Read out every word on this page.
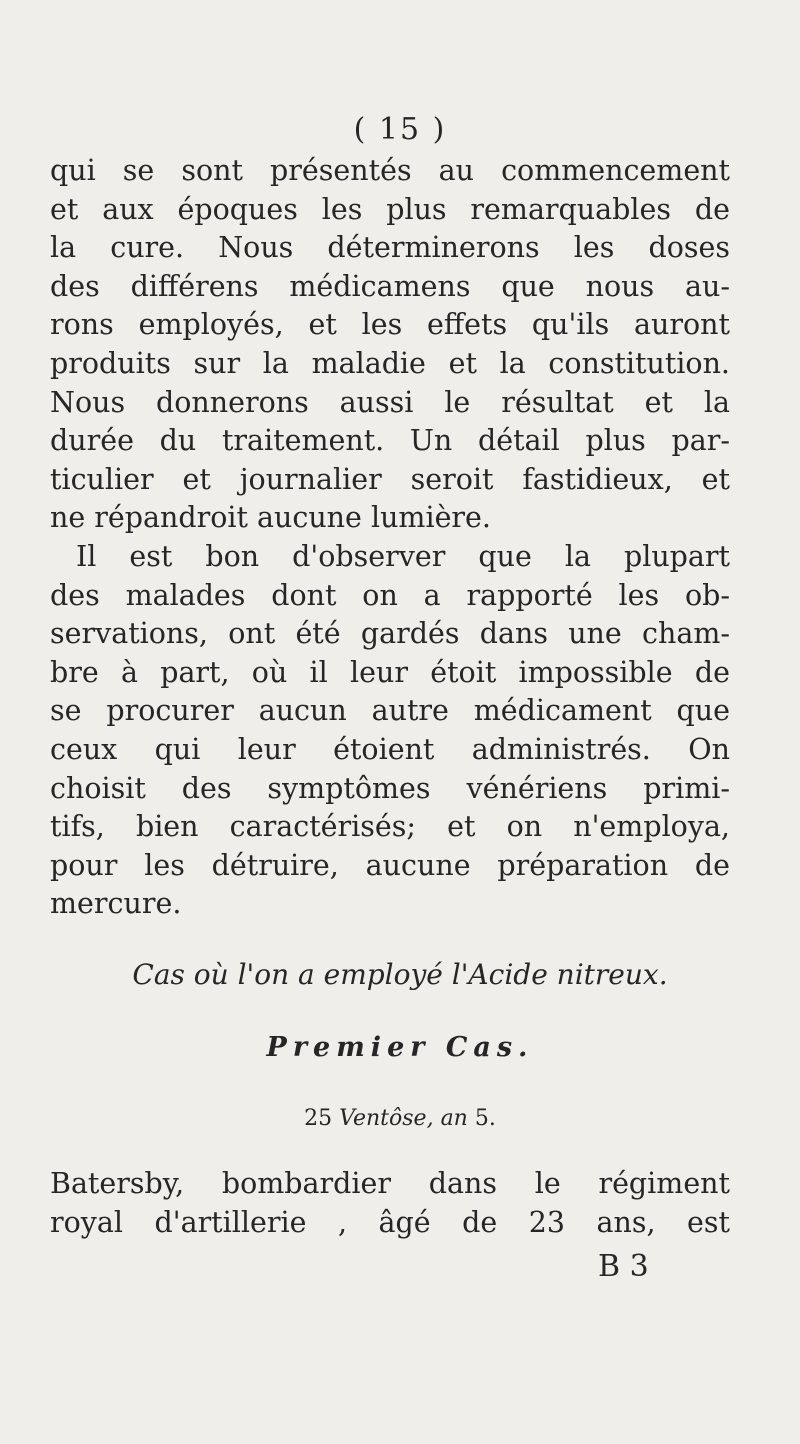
( 15 )
qui se sont présentés au commencement
et aux époques les plus remarquables de
la cure. Nous déterminerons les doses
des différens médicamens que nous au-
rons employés, et les effets qu'ils auront
produits sur la maladie et la constitution.
Nous donnerons aussi le résultat et la
durée du traitement. Un détail plus par-
ticulier et journalier seroit fastidieux, et
ne répandroit aucune lumière.
Il est bon d'observer que la plupart
des malades dont on a rapporté les ob-
servations, ont été gardés dans une cham-
bre à part, où il leur étoit impossible de
se procurer aucun autre médicament que
ceux qui leur étoient administrés. On
choisit des symptômes vénériens primi-
tifs, bien caractérisés; et on n'employa,
pour les détruire, aucune préparation de
mercure.
Cas où l'on a employé l'Acide nitreux.
Premier Cas.
25 Ventôse, an 5.
Batersby, bombardier dans le régiment
royal d'artillerie , âgé de 23 ans, est
B 3
